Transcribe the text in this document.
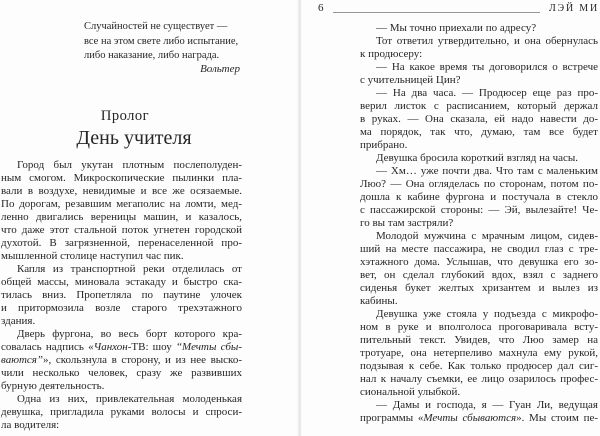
Случайностей не существует —
все на этом свете либо испытание,
либо наказание, либо награда.
Вольтер
Пролог
День учителя
Город был укутан плотным послеполуден-
ным смогом. Микроскопические пылинки пла-
вали в воздухе, невидимые и все же осязаемые.
По дорогам, резавшим мегаполис на ломти, мед-
ленно двигались вереницы машин, и казалось,
что даже этот стальной поток угнетен городской
духотой. В загрязненной, перенаселенной про-
мышленной столице наступил час пик.
Капля из транспортной реки отделилась от
общей массы, миновала эстакаду и быстро ска-
тилась вниз. Пропетляла по паутине улочек
и притормозила возле старого трехэтажного
здания.
Дверь фургона, во весь борт которого кра-
совалась надпись «Чанхон-ТВ: шоу “Мечты сбы-
ваются”», скользнула в сторону, и из нее выско-
чили несколько человек, сразу же развивших
бурную деятельность.
Одна из них, привлекательная молоденькая
девушка, пригладила руками волосы и спроси-
ла водителя:
6	ЛЭЙ МИ
— Мы точно приехали по адресу?
Тот ответил утвердительно, и она обернулась
к продюсеру:
— На какое время ты договорился о встрече
с учительницей Цин?
— На два часа. — Продюсер еще раз про-
верил листок с расписанием, который держал
в руках. — Она сказала, ей надо навести до-
ма порядок, так что, думаю, там все будет
прибрано.
Девушка бросила короткий взгляд на часы.
— Хм… уже почти два. Что там с маленьким
Люо? — Она огляделась по сторонам, потом по-
дошла к кабине фургона и постучала в стекло
с пассажирской стороны: — Эй, вылезайте! Че-
го вы там застряли?
Молодой мужчина с мрачным лицом, сидев-
ший на месте пассажира, не сводил глаз с тре-
хэтажного дома. Услышав, что девушка его зо-
вет, он сделал глубокий вдох, взял с заднего
сиденья букет желтых хризантем и вылез из
кабины.
Девушка уже стояла у подъезда с микрофо-
ном в руке и вполголоса проговаривала всту-
пительный текст. Увидев, что Люо замер на
тротуаре, она нетерпеливо махнула ему рукой,
подзывая к себе. Как только продюсер дал сиг-
нал к началу съемки, ее лицо озарилось профес-
сиональной улыбкой.
— Дамы и господа, я — Гуан Ли, ведущая
программы «Мечты сбываются». Мы стоим пе-
